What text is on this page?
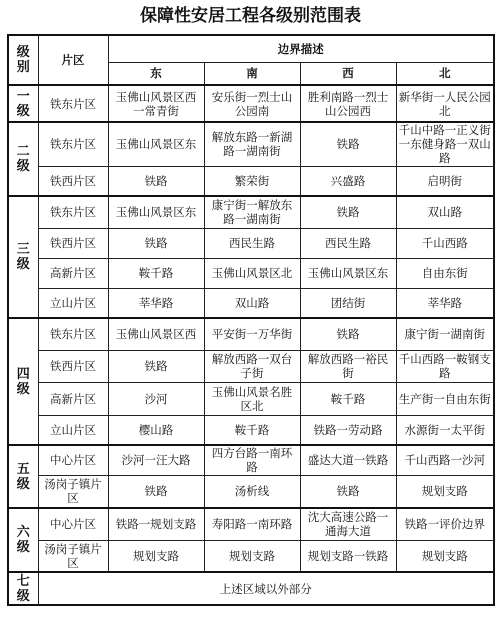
保障性安居工程各级别范围表
级别	片区	边界描述			
		东	南	西	北
一级	铁东片区	玉佛山风景区西一常青街	安乐街一烈士山公园南	胜利南路一烈士山公园西	新华街一人民公园北
二级	铁东片区	玉佛山风景区东	解放东路一新湖路一湖南街	铁路	千山中路一正义街一东健身路一双山路
	铁西片区	铁路	繁荣街	兴盛路	启明街
三级	铁东片区	玉佛山风景区东	康宁街一解放东路一湖南街	铁路	双山路
	铁西片区	铁路	西民生路	西民生路	千山西路
	高新片区	鞍千路	玉佛山风景区北	玉佛山风景区东	自由东街
	立山片区	莘华路	双山路	团结街	莘华路
四级	铁东片区	玉佛山风景区西	平安街一万华街	铁路	康宁街一湖南街
	铁西片区	铁路	解放西路一双台子街	解放西路一裕民街	千山西路一鞍钢支路
	高新片区	沙河	玉佛山风景名胜区北	鞍千路	生产街一自由东街
	立山片区	樱山路	鞍千路	铁路一劳动路	水源街一太平街
五级	中心片区	沙河一汪大路	四方台路一南环路	盛达大道一铁路	千山西路一沙河
	汤岗子镇片区	铁路	汤析线	铁路	规划支路
六级	中心片区	铁路一规划支路	寿阳路一南环路	沈大高速公路一通海大道	铁路一评价边界
	汤岗子镇片区	规划支路	规划支路	规划支路一铁路	规划支路
七级	上述区域以外部分				
